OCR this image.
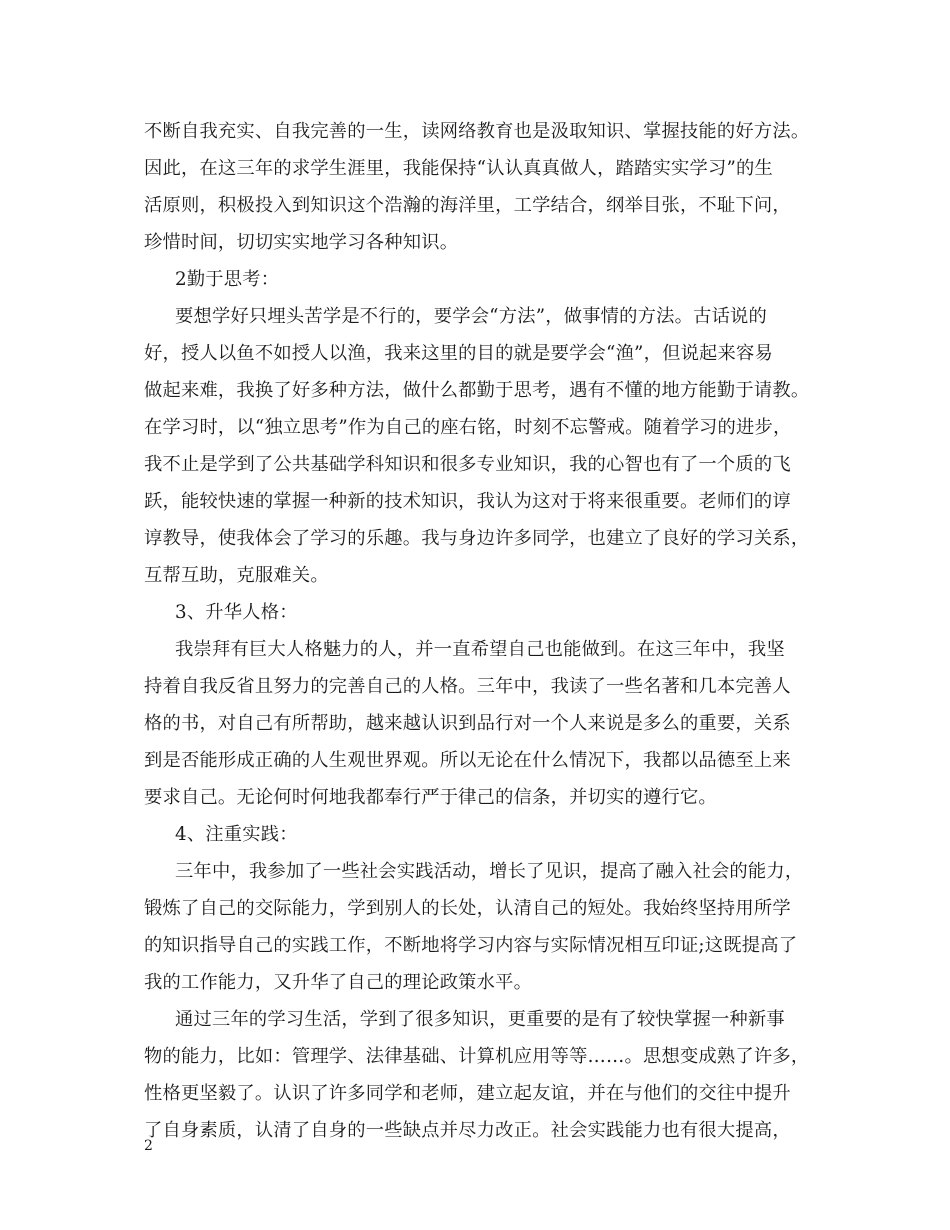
不断自我充实、自我完善的一生，读网络教育也是汲取知识、掌握技能的好方法。
因此，在这三年的求学生涯里，我能保持“认认真真做人，踏踏实实学习”的生
活原则，积极投入到知识这个浩瀚的海洋里，工学结合，纲举目张，不耻下问，
珍惜时间，切切实实地学习各种知识。
2勤于思考：
要想学好只埋头苦学是不行的，要学会“方法”，做事情的方法。古话说的
好，授人以鱼不如授人以渔，我来这里的目的就是要学会“渔”，但说起来容易
做起来难，我换了好多种方法，做什么都勤于思考，遇有不懂的地方能勤于请教。
在学习时，以“独立思考”作为自己的座右铭，时刻不忘警戒。随着学习的进步，
我不止是学到了公共基础学科知识和很多专业知识，我的心智也有了一个质的飞
跃，能较快速的掌握一种新的技术知识，我认为这对于将来很重要。老师们的谆
谆教导，使我体会了学习的乐趣。我与身边许多同学，也建立了良好的学习关系，
互帮互助，克服难关。
3、升华人格：
我崇拜有巨大人格魅力的人，并一直希望自己也能做到。在这三年中，我坚
持着自我反省且努力的完善自己的人格。三年中，我读了一些名著和几本完善人
格的书，对自己有所帮助，越来越认识到品行对一个人来说是多么的重要，关系
到是否能形成正确的人生观世界观。所以无论在什么情况下，我都以品德至上来
要求自己。无论何时何地我都奉行严于律己的信条，并切实的遵行它。
4、注重实践：
三年中，我参加了一些社会实践活动，增长了见识，提高了融入社会的能力，
锻炼了自己的交际能力，学到别人的长处，认清自己的短处。我始终坚持用所学
的知识指导自己的实践工作，不断地将学习内容与实际情况相互印证;这既提高了
我的工作能力，又升华了自己的理论政策水平。
通过三年的学习生活，学到了很多知识，更重要的是有了较快掌握一种新事
物的能力，比如：管理学、法律基础、计算机应用等等……。思想变成熟了许多，
性格更坚毅了。认识了许多同学和老师，建立起友谊，并在与他们的交往中提升
了自身素质，认清了自身的一些缺点并尽力改正。社会实践能力也有很大提高，
2
